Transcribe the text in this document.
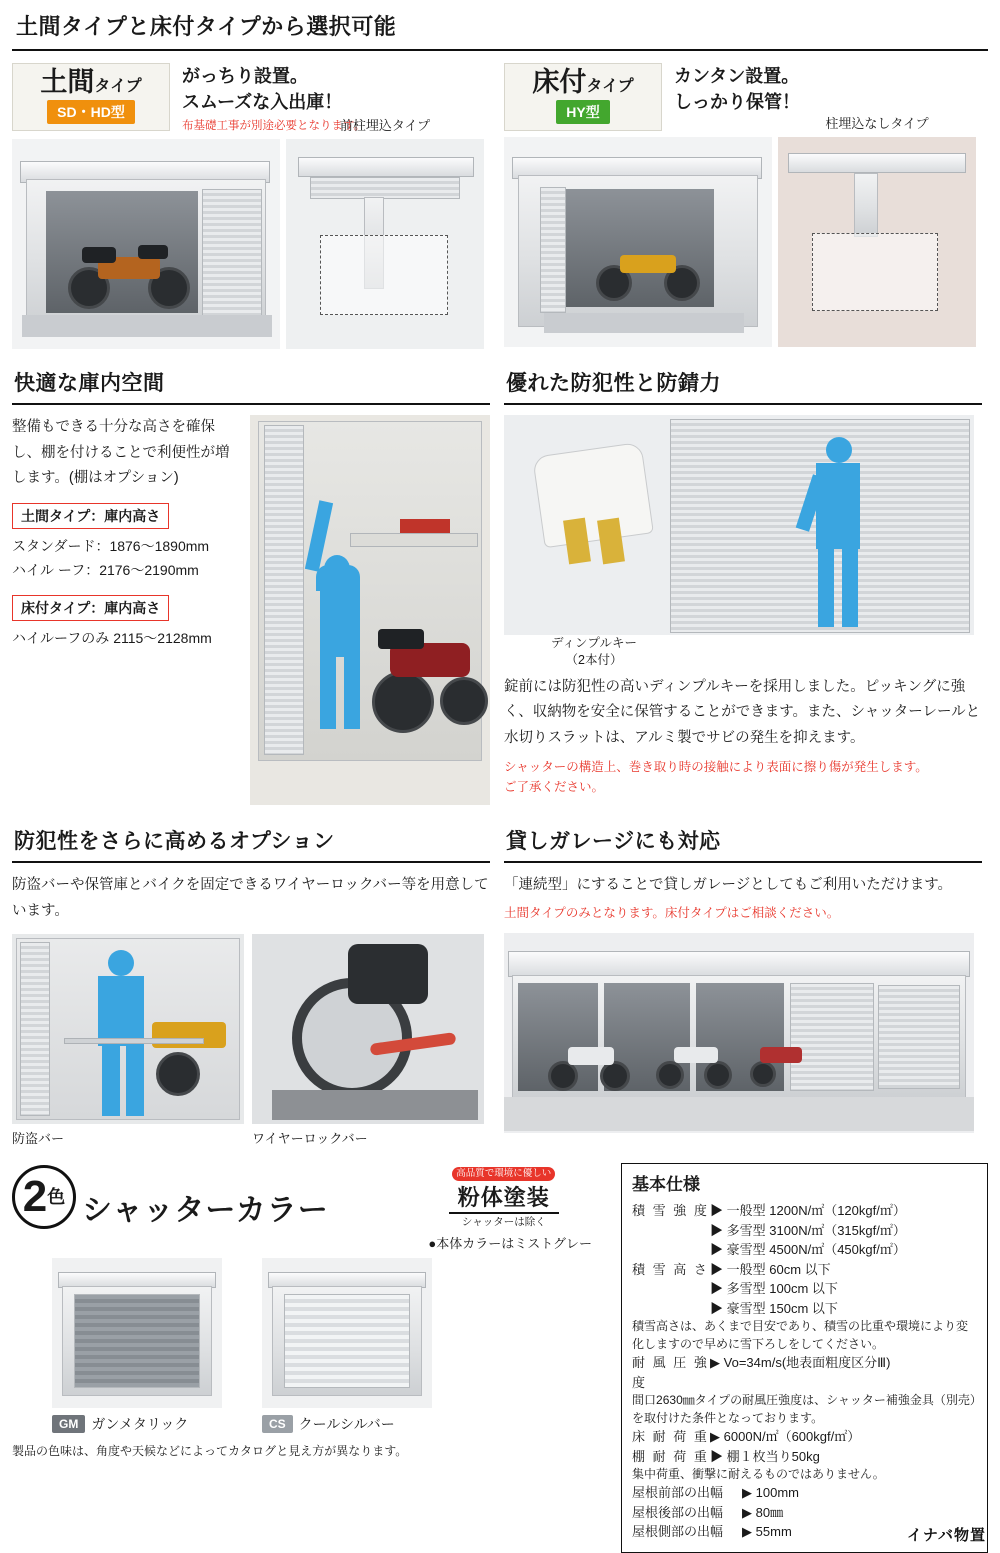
土間タイプと床付タイプから選択可能
土間タイプ
SD・HD型
がっちり設置。
スムーズな入出庫！
布基礎工事が別途必要となります。
前柱埋込タイプ
床付タイプ
HY型
カンタン設置。
しっかり保管！
柱埋込なしタイプ
快適な庫内空間
整備もできる十分な高さを確保し、棚を付けることで利便性が増します。(棚はオプション)
土間タイプ：庫内高さ
スタンダード：1876〜1890mm
ハイル ーフ：2176〜2190mm
床付タイプ：庫内高さ
ハイルーフのみ 2115〜2128mm
優れた防犯性と防錆力
ディンプルキー
（2本付）
錠前には防犯性の高いディンプルキーを採用しました。ピッキングに強く、収納物を安全に保管することができます。また、シャッターレールと水切りスラットは、アルミ製でサビの発生を抑えます。
シャッターの構造上、巻き取り時の接触により表面に擦り傷が発生します。
ご了承ください。
防犯性をさらに高めるオプション
防盗バーや保管庫とバイクを固定できるワイヤーロックバー等を用意しています。
防盗バー	ワイヤーロックバー
貸しガレージにも対応
「連続型」にすることで貸しガレージとしてもご利用いただけます。
土間タイプのみとなります。床付タイプはご相談ください。
2 色 シャッターカラー
高品質で環境に優しい
粉体塗装
シャッターは除く
●本体カラーはミストグレー
GM ガンメタリック	CS クールシルバー
製品の色味は、角度や天候などによってカタログと見え方が異なります。
基本仕様
積 雪 強 度 ▶ 一般型 1200N/㎡（120kgf/㎡）
▶ 多雪型 3100N/㎡（315kgf/㎡）
▶ 豪雪型 4500N/㎡（450kgf/㎡）
積 雪 高 さ ▶ 一般型 60cm 以下
▶ 多雪型 100cm 以下
▶ 豪雪型 150cm 以下
積雪高さは、あくまで目安であり、積雪の比重や環境により変化しますので早めに雪下ろしをしてください。
耐 風 圧 強 度
▶ Vo=34m/s(地表面粗度区分Ⅲ)
間口2630㎜タイプの耐風圧強度は、シャッター補強金具（別売）を取付けた条件となっております。
床 耐 荷 重 ▶ 6000N/㎡（600kgf/㎡）
棚 耐 荷 重 ▶ 棚１枚当り50kg
集中荷重、衝撃に耐えるものではありません。
屋根前部の出幅	▶ 100mm
屋根後部の出幅	▶ 80㎜
屋根側部の出幅	▶ 55mm	イナバ物置
